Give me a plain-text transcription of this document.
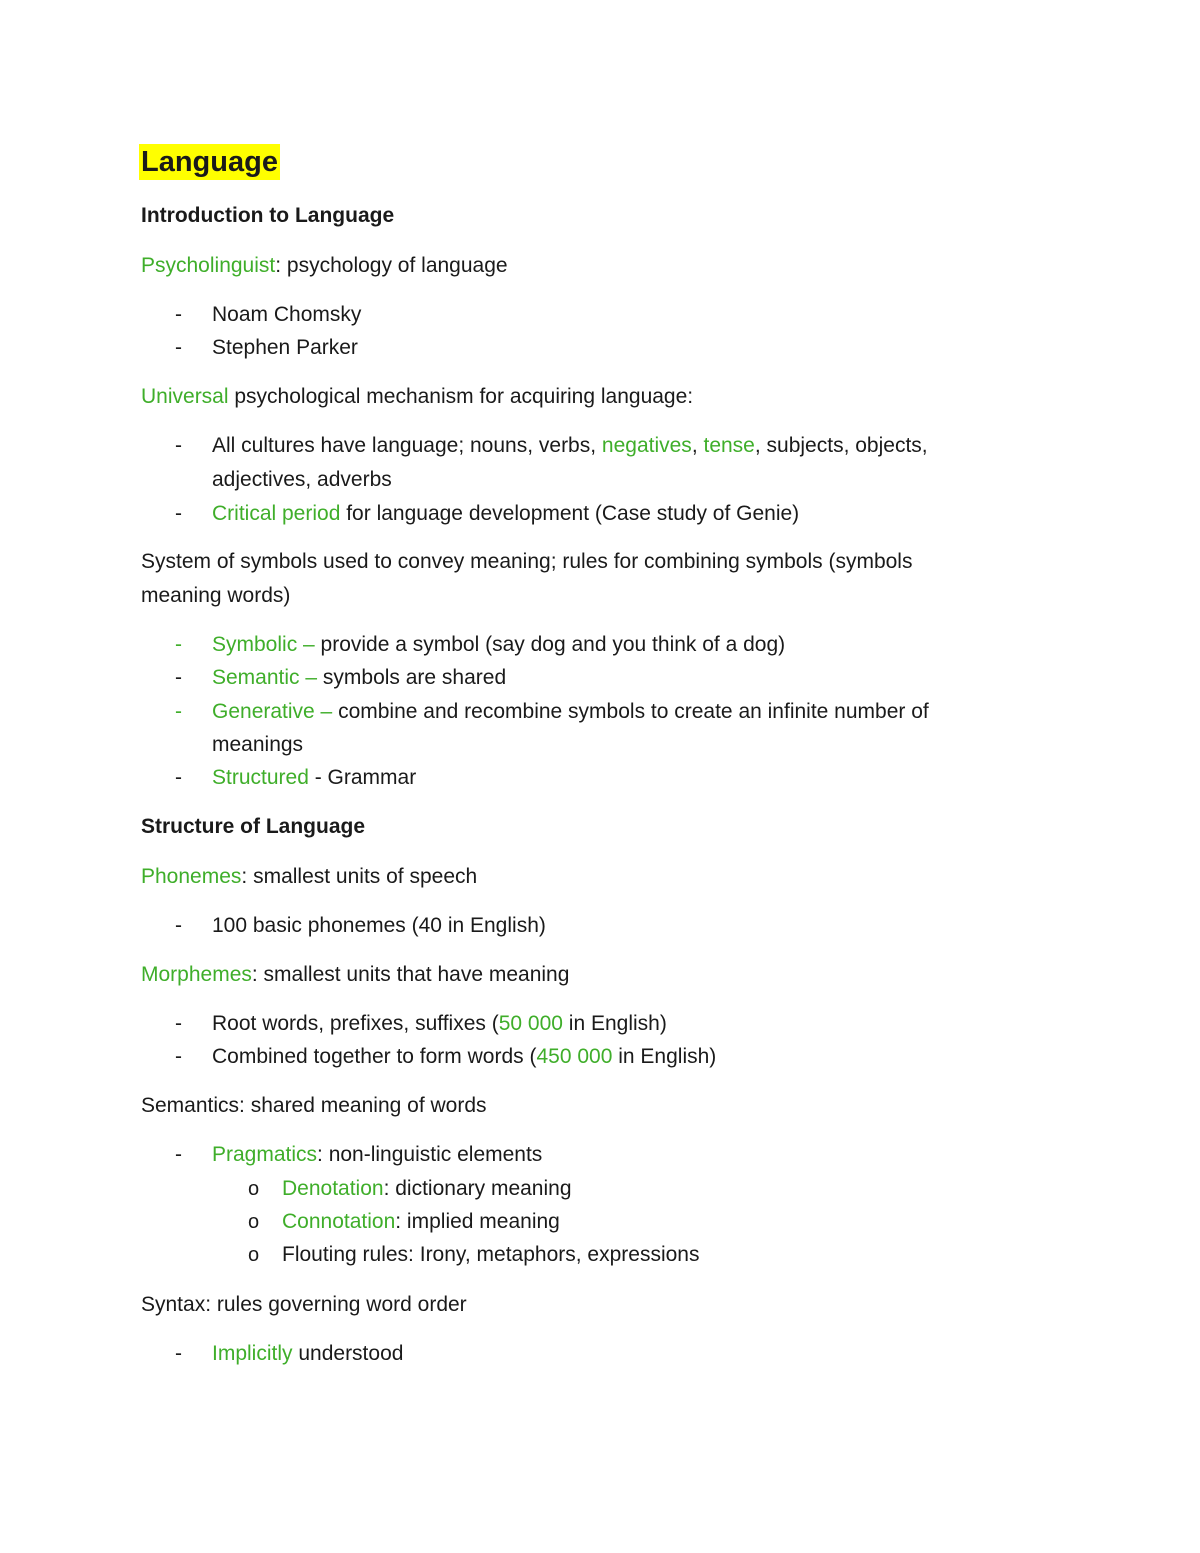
Language
Introduction to Language
Psycholinguist: psychology of language
- Noam Chomsky
- Stephen Parker
Universal psychological mechanism for acquiring language:
- All cultures have language; nouns, verbs, negatives, tense, subjects, objects,
adjectives, adverbs
- Critical period for language development (Case study of Genie)
System of symbols used to convey meaning; rules for combining symbols (symbols
meaning words)
- Symbolic – provide a symbol (say dog and you think of a dog)
- Semantic – symbols are shared
- Generative – combine and recombine symbols to create an infinite number of
meanings
- Structured - Grammar
Structure of Language
Phonemes: smallest units of speech
- 100 basic phonemes (40 in English)
Morphemes: smallest units that have meaning
- Root words, prefixes, suffixes (50 000 in English)
- Combined together to form words (450 000 in English)
Semantics: shared meaning of words
- Pragmatics: non-linguistic elements
o Denotation: dictionary meaning
o Connotation: implied meaning
o Flouting rules: Irony, metaphors, expressions
Syntax: rules governing word order
- Implicitly understood
